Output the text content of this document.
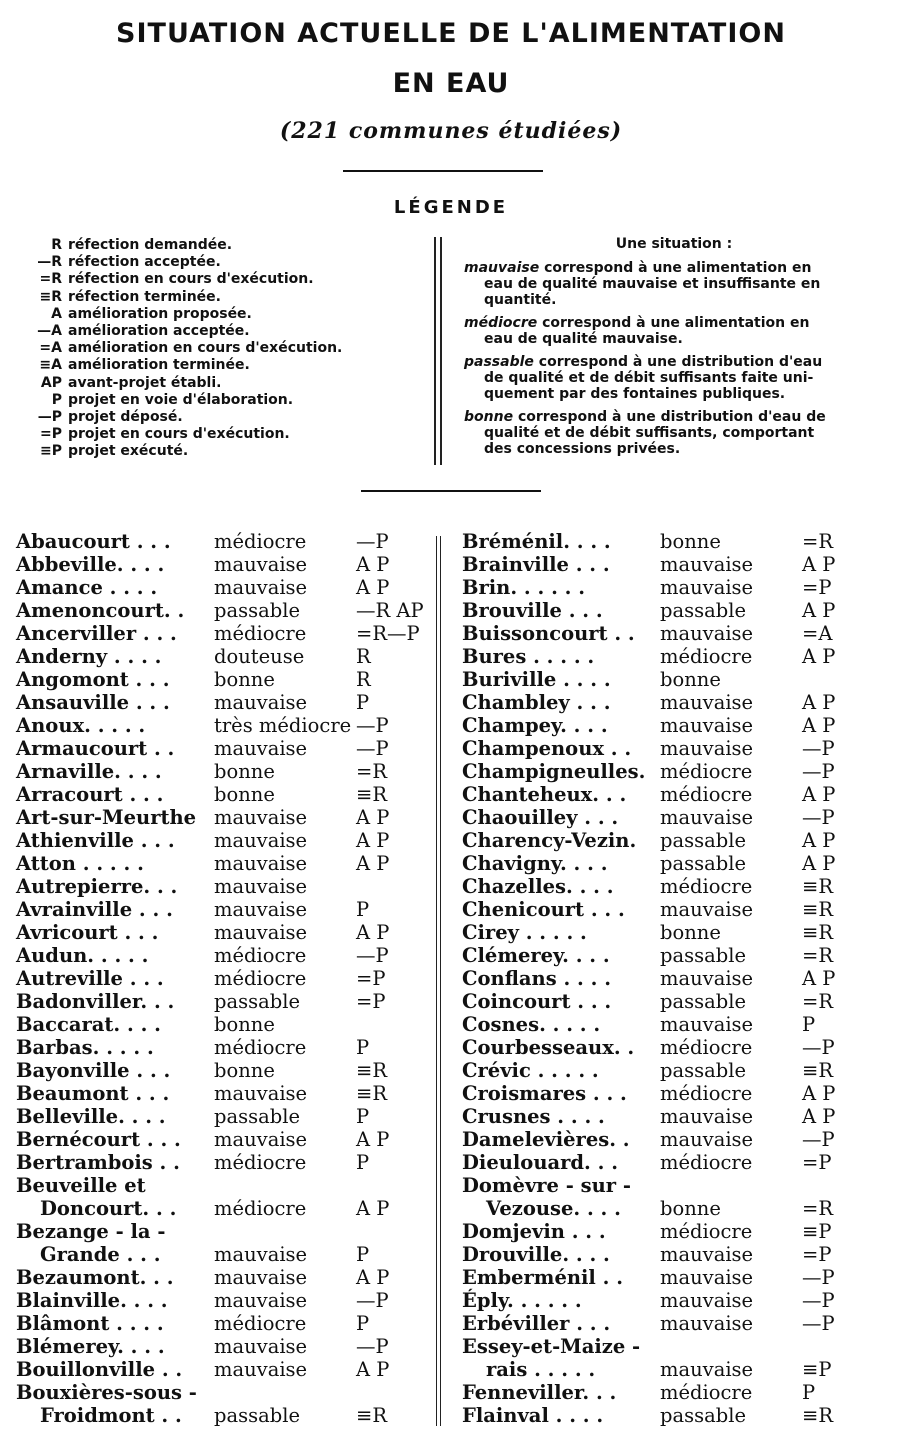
SITUATION ACTUELLE DE L'ALIMENTATION
EN EAU
(221 communes étudiées)
LÉGENDE
R réfection demandée.
—R réfection acceptée.
=R réfection en cours d'exécution.
≡R réfection terminée.
A amélioration proposée.
—A amélioration acceptée.
=A amélioration en cours d'exécution.
≡A amélioration terminée.
AP avant-projet établi.
P projet en voie d'élaboration.
—P projet déposé.
=P projet en cours d'exécution.
≡P projet exécuté.
Une situation :
mauvaise correspond à une alimentation en
eau de qualité mauvaise et insuffisante en
quantité.
médiocre correspond à une alimentation en
eau de qualité mauvaise.
passable correspond à une distribution d'eau
de qualité et de débit suffisants faite uni-
quement par des fontaines publiques.
bonne correspond à une distribution d'eau de
qualité et de débit suffisants, comportant
des concessions privées.
Abaucourt . . . médiocre	—P
Abbeville. . . .	mauvaise	A P
Amance . . . .	mauvaise	A P
Amenoncourt. . passable	—R AP
Ancerviller . . . médiocre	=R—P
Anderny . . . .	douteuse	R
Angomont . . . bonne	R
Ansauville . . . mauvaise	P
Anoux. . . . .	très médiocre —P
Armaucourt . . mauvaise	—P
Arnaville. . . .	bonne	=R
Arracourt . . .	bonne	≡R
Art-sur-Meurthe mauvaise	A P
Athienville . . . mauvaise	A P
Atton . . . . .	mauvaise	A P
Autrepierre. . . mauvaise
Avrainville . . . mauvaise	P
Avricourt . . .	mauvaise	A P
Audun. . . . .	médiocre	—P
Autreville . . .	médiocre	=P
Badonviller. . . passable	=P
Baccarat. . . .	bonne
Barbas. . . . .	médiocre	P
Bayonville . . . bonne	≡R
Beaumont . . . mauvaise	≡R
Belleville. . . . passable	P
Bernécourt . . . mauvaise	A P
Bertrambois . . médiocre	P
Beuveille et
Doncourt. . . médiocre	A P
Bezange - la -
Grande . . .	mauvaise	P
Bezaumont. . . mauvaise	A P
Blainville. . . . mauvaise	—P
Blâmont . . . .	médiocre	P
Blémerey. . . .	mauvaise	—P
Bouillonville . . mauvaise	A P
Bouxières-sous -
Froidmont . . passable	≡R
Bréménil. . . .	bonne	=R
Brainville . . .	mauvaise	A P
Brin. . . . . .	mauvaise	=P
Brouville . . .	passable	A P
Buissoncourt . . mauvaise	=A
Bures . . . . .	médiocre	A P
Buriville . . . .	bonne
Chambley . . .	mauvaise	A P
Champey. . . .	mauvaise	A P
Champenoux . . mauvaise	—P
Champigneulles. médiocre	—P
Chanteheux. . . médiocre	A P
Chaouilley . . . mauvaise	—P
Charency-Vezin. passable	A P
Chavigny. . . .	passable	A P
Chazelles. . . . médiocre	≡R
Chenicourt . . . mauvaise	≡R
Cirey . . . . .	bonne	≡R
Clémerey. . . .	passable	=R
Conflans . . . .	mauvaise	A P
Coincourt . . .	passable	=R
Cosnes. . . . .	mauvaise	P
Courbesseaux. . médiocre	—P
Crévic . . . . .	passable	≡R
Croismares . . . médiocre	A P
Crusnes . . . .	mauvaise	A P
Damelevières. . mauvaise	—P
Dieulouard. . . médiocre	=P
Domèvre - sur -
Vezouse. . . . bonne	=R
Domjevin . . .	médiocre	≡P
Drouville. . . .	mauvaise	=P
Emberménil . . mauvaise	—P
Éply. . . . . .	mauvaise	—P
Erbéviller . . .	mauvaise	—P
Essey-et-Maize -
rais . . . . .	mauvaise	≡P
Fenneviller. . . médiocre	P
Flainval . . . .	passable	≡R
